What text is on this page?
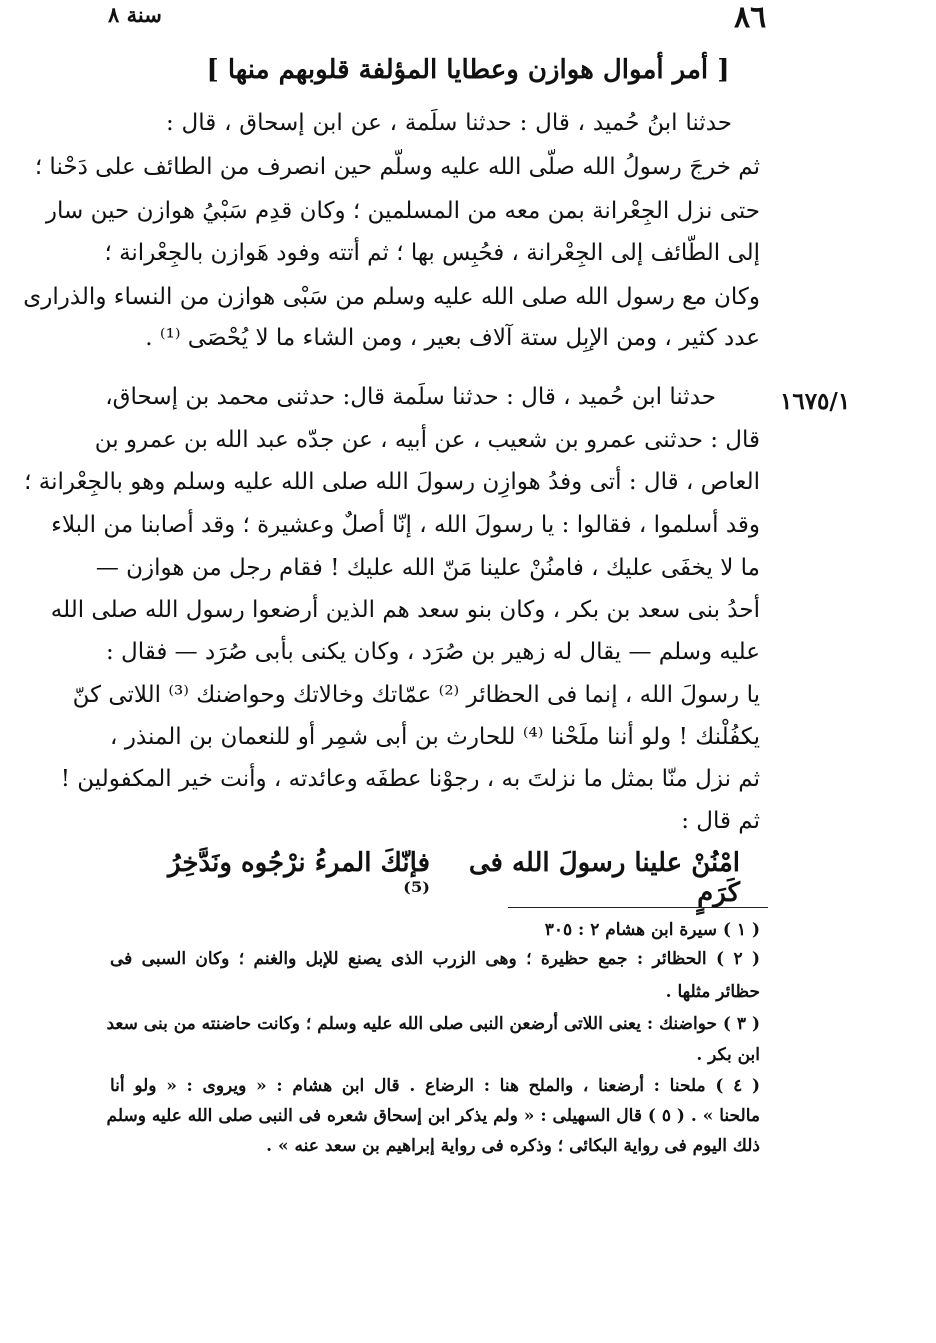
٨٦
سنة ٨
[ أمر أموال هوازن وعطايا المؤلفة قلوبهم منها ]
حدثنا ابنُ حُميد ، قال : حدثنا سلَمة ، عن ابن إسحاق ، قال :
ثم خرجَ رسولُ الله صلّى الله عليه وسلّم حين انصرف من الطائف على دَحْنا ؛
حتى نزل الجِعْرانة بمن معه من المسلمين ؛ وكان قدِم سَبْيُ هوازن حين سار
إلى الطّائف إلى الجِعْرانة ، فحُبِس بها ؛ ثم أتته وفود هَوازن بالجِعْرانة ؛
وكان مع رسول الله صلى الله عليه وسلم من سَبْى هوازن من النساء والذرارى
عدد كثير ، ومن الإبِل ستة آلاف بعير ، ومن الشاء ما لا يُحْصَى ⁽¹⁾ .
١٦٧٥/١
حدثنا ابن حُميد ، قال : حدثنا سلَمة قال: حدثنى محمد بن إسحاق،
قال : حدثنى عمرو بن شعيب ، عن أبيه ، عن جدّه عبد الله بن عمرو بن
العاص ، قال : أتى وفدُ هوازِن رسولَ الله صلى الله عليه وسلم وهو بالجِعْرانة ؛
وقد أسلموا ، فقالوا : يا رسولَ الله ، إنّا أصلٌ وعشيرة ؛ وقد أصابنا من البلاء
ما لا يخفَى عليك ، فامنُنْ علينا مَنّ الله عليك ! فقام رجل من هوازن —
أحدُ بنى سعد بن بكر ، وكان بنو سعد هم الذين أرضعوا رسول الله صلى الله
عليه وسلم — يقال له زهير بن صُرَد ، وكان يكنى بأبى صُرَد — فقال :
يا رسولَ الله ، إنما فى الحظائر ⁽²⁾ عمّاتك وخالاتك وحواضنك ⁽³⁾ اللاتى كنّ
يكفُلْنك ! ولو أننا ملَحْنا ⁽⁴⁾ للحارث بن أبى شمِر أو للنعمان بن المنذر ،
ثم نزل منّا بمثل ما نزلتَ به ، رجوْنا عطفَه وعائدته ، وأنت خير المكفولين !
ثم قال :
امْنُنْ علينا رسولَ الله فى كَرَمٍ
فإنّكَ المرءُ نرْجُوه ونَدَّخِرُ ⁽⁵⁾
( ١ ) سيرة ابن هشام ٢ : ٣٠٥
( ٢ ) الحظائر : جمع حظيرة ؛ وهى الزرب الذى يصنع للإبل والغنم ؛ وكان السبى فى
حظائر مثلها .
( ٣ ) حواضنك : يعنى اللاتى أرضعن النبى صلى الله عليه وسلم ؛ وكانت حاضنته من بنى سعد
ابن بكر .
( ٤ ) ملحنا : أرضعنا ، والملح هنا : الرضاع . قال ابن هشام : « ويروى : « ولو أنا
مالحنا » . ( ٥ ) قال السهيلى : « ولم يذكر ابن إسحاق شعره فى النبى صلى الله عليه وسلم
ذلك اليوم فى رواية البكائى ؛ وذكره فى رواية إبراهيم بن سعد عنه » .
